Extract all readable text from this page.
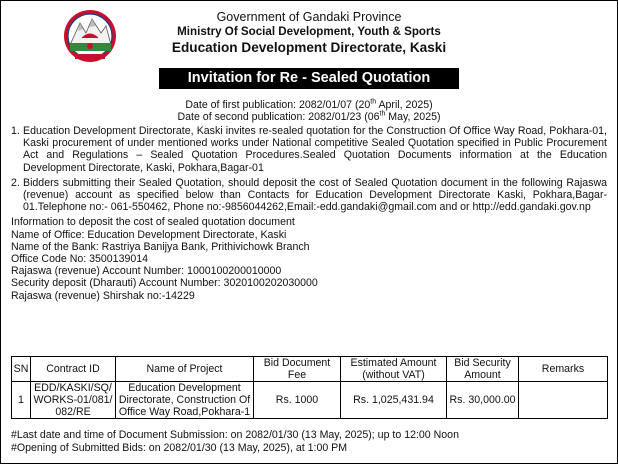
Government of Gandaki Province
Ministry Of Social Development, Youth & Sports
Education Development Directorate, Kaski
Invitation for Re - Sealed Quotation
Date of first publication: 2082/01/07 (20th April, 2025)
Date of second publication: 2082/01/23 (06th May, 2025)
1. Education Development Directorate, Kaski invites re-sealed quotation for the Construction Of Office Way Road, Pokhara-01, Kaski procurement of under mentioned works under National competitive Sealed Quotation specified in Public Procurement Act and Regulations – Sealed Quotation Procedures.Sealed Quotation Documents information at the Education Development Directorate, Kaski, Pokhara,Bagar-01
2. Bidders submitting their Sealed Quotation, should deposit the cost of Sealed Quotation document in the following Rajaswa (revenue) account as specified below than Contacts for Education Development Directorate Kaski, Pokhara,Bagar-01.Telephone no:- 061-550462, Phone no:-9856044262,Email:-edd.gandaki@gmail.com and or http://edd.gandaki.gov.np
Information to deposit the cost of sealed quotation document
Name of Office: Education Development Directorate, Kaski
Name of the Bank: Rastriya Banijya Bank, Prithivichowk Branch
Office Code No: 3500139014
Rajaswa (revenue) Account Number: 1000100200010000
Security deposit (Dharauti) Account Number: 3020100202030000
Rajaswa (revenue) Shirshak no:-14229
SN	Contract ID	Name of Project	Bid Document Fee	Estimated Amount (without VAT)	Bid Security Amount	Remarks
1	EDD/KASKI/SQ/ WORKS-01/081/ 082/RE	Education Development Directorate, Construction Of Office Way Road,Pokhara-1	Rs. 1000	Rs. 1,025,431.94	Rs. 30,000.00	
#Last date and time of Document Submission: on 2082/01/30 (13 May, 2025); up to 12:00 Noon
#Opening of Submitted Bids: on 2082/01/30 (13 May, 2025), at 1:00 PM
